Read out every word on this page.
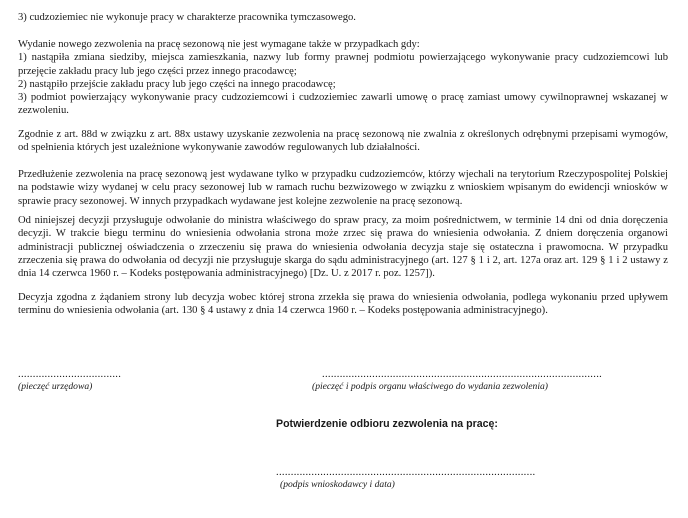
3) cudzoziemiec nie wykonuje pracy w charakterze pracownika tymczasowego.

Wydanie nowego zezwolenia na pracę sezonową nie jest wymagane także w przypadkach gdy:
1) nastąpiła zmiana siedziby, miejsca zamieszkania, nazwy lub formy prawnej podmiotu powierzającego wykonywanie pracy cudzoziemcowi lub przejęcie zakładu pracy lub jego części przez innego pracodawcę;
2) nastąpiło przejście zakładu pracy lub jego części na innego pracodawcę;
3) podmiot powierzający wykonywanie pracy cudzoziemcowi i cudzoziemiec zawarli umowę o pracę zamiast umowy cywilnoprawnej wskazanej w zezwoleniu.

Zgodnie z art. 88d w związku z art. 88x ustawy uzyskanie zezwolenia na pracę sezonową nie zwalnia z określonych odrębnymi przepisami wymogów, od spełnienia których jest uzależnione wykonywanie zawodów regulowanych lub działalności.

Przedłużenie zezwolenia na pracę sezonową jest wydawane tylko w przypadku cudzoziemców, którzy wjechali na terytorium Rzeczypospolitej Polskiej na podstawie wizy wydanej w celu pracy sezonowej lub w ramach ruchu bezwizowego w związku z wnioskiem wpisanym do ewidencji wniosków w sprawie pracy sezonowej. W innych przypadkach wydawane jest kolejne zezwolenie na pracę sezonową.

Od niniejszej decyzji przysługuje odwołanie do ministra właściwego do spraw pracy, za moim pośrednictwem, w terminie 14 dni od dnia doręczenia decyzji. W trakcie biegu terminu do wniesienia odwołania strona może zrzec się prawa do wniesienia odwołania. Z dniem doręczenia organowi administracji publicznej oświadczenia o zrzeczeniu się prawa do wniesienia odwołania decyzja staje się ostateczna i prawomocna. W przypadku zrzeczenia się prawa do odwołania od decyzji nie przysługuje skarga do sądu administracyjnego (art. 127 § 1 i 2, art. 127a oraz art. 129 § 1 i 2 ustawy z dnia 14 czerwca 1960 r. – Kodeks postępowania administracyjnego) [Dz. U. z 2017 r. poz. 1257]).

Decyzja zgodna z żądaniem strony lub decyzja wobec której strona zrzekła się prawa do wniesienia odwołania, podlega wykonaniu przed upływem terminu do wniesienia odwołania (art. 130 § 4 ustawy z dnia 14 czerwca 1960 r. – Kodeks postępowania administracyjnego).

...................................
(pieczęć urzędowa)
...............................................................................................
(pieczęć i podpis organu właściwego do wydania zezwolenia)
Potwierdzenie odbioru zezwolenia na pracę:
........................................................................................
(podpis wnioskodawcy i data)
